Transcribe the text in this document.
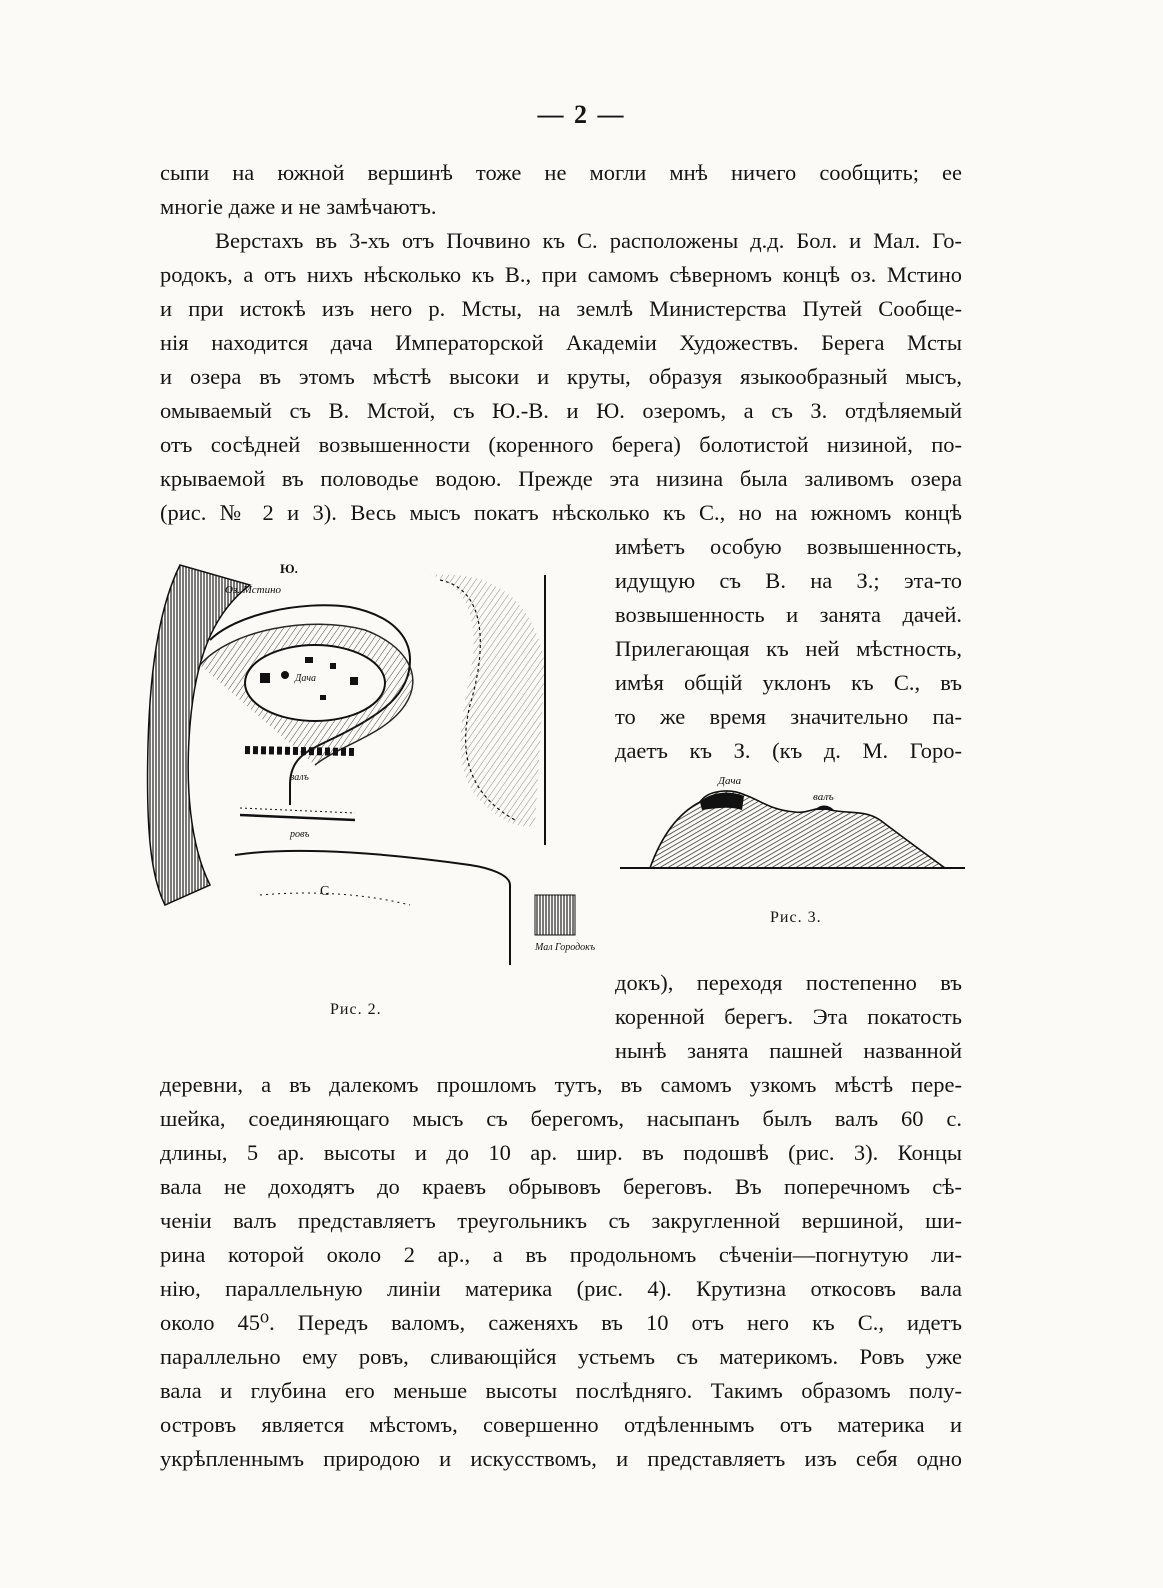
— 2 —
сыпи на южной вершинѣ тоже не могли мнѣ ничего сообщить; ее
многіе даже и не замѣчаютъ.
Верстахъ въ 3-хъ отъ Почвино къ С. расположены д.д. Бол. и Мал. Го-
родокъ, а отъ нихъ нѣсколько къ В., при самомъ сѣверномъ концѣ оз. Мстино
и при истокѣ изъ него р. Мсты, на землѣ Министерства Путей Сообще-
нія находится дача Императорской Академіи Художествъ. Берега Мсты
и озера въ этомъ мѣстѣ высоки и круты, образуя языкообразный мысъ,
омываемый съ В. Мстой, съ Ю.-В. и Ю. озеромъ, а съ З. отдѣляемый
отъ сосѣдней возвышенности (коренного берега) болотистой низиной, по-
крываемой въ половодье водою. Прежде эта низина была заливомъ озера
(рис. № 2 и 3). Весь мысъ покатъ нѣсколько къ С., но на южномъ концѣ
имѣетъ особую возвышенность,
идущую съ В. на З.; эта-то
возвышенность и занята дачей.
Прилегающая къ ней мѣстность,
имѣя общій уклонъ къ С., въ
то же время значительно па-
даетъ къ З. (къ д. М. Горо-
Дача
валъ
Рис. 3.
Дача
валъ
ровъ
С
Мал Городокъ
Ю.
Оз. Мстино
Рис. 2.
докъ), переходя постепенно въ
коренной берегъ. Эта покатость
нынѣ занята пашней названной
деревни, а въ далекомъ прошломъ тутъ, въ самомъ узкомъ мѣстѣ пере-
шейка, соединяющаго мысъ съ берегомъ, насыпанъ былъ валъ 60 с.
длины, 5 ар. высоты и до 10 ар. шир. въ подошвѣ (рис. 3). Концы
вала не доходятъ до краевъ обрывовъ береговъ. Въ поперечномъ сѣ-
ченіи валъ представляетъ треугольникъ съ закругленной вершиной, ши-
рина которой около 2 ар., а въ продольномъ сѣченіи—погнутую ли-
нію, параллельную линіи материка (рис. 4). Крутизна откосовъ вала
около 45⁰. Передъ валомъ, саженяхъ въ 10 отъ него къ С., идетъ
параллельно ему ровъ, сливающійся устьемъ съ материкомъ. Ровъ уже
вала и глубина его меньше высоты послѣдняго. Такимъ образомъ полу-
островъ является мѣстомъ, совершенно отдѣленнымъ отъ материка и
укрѣпленнымъ природою и искусствомъ, и представляетъ изъ себя одно
